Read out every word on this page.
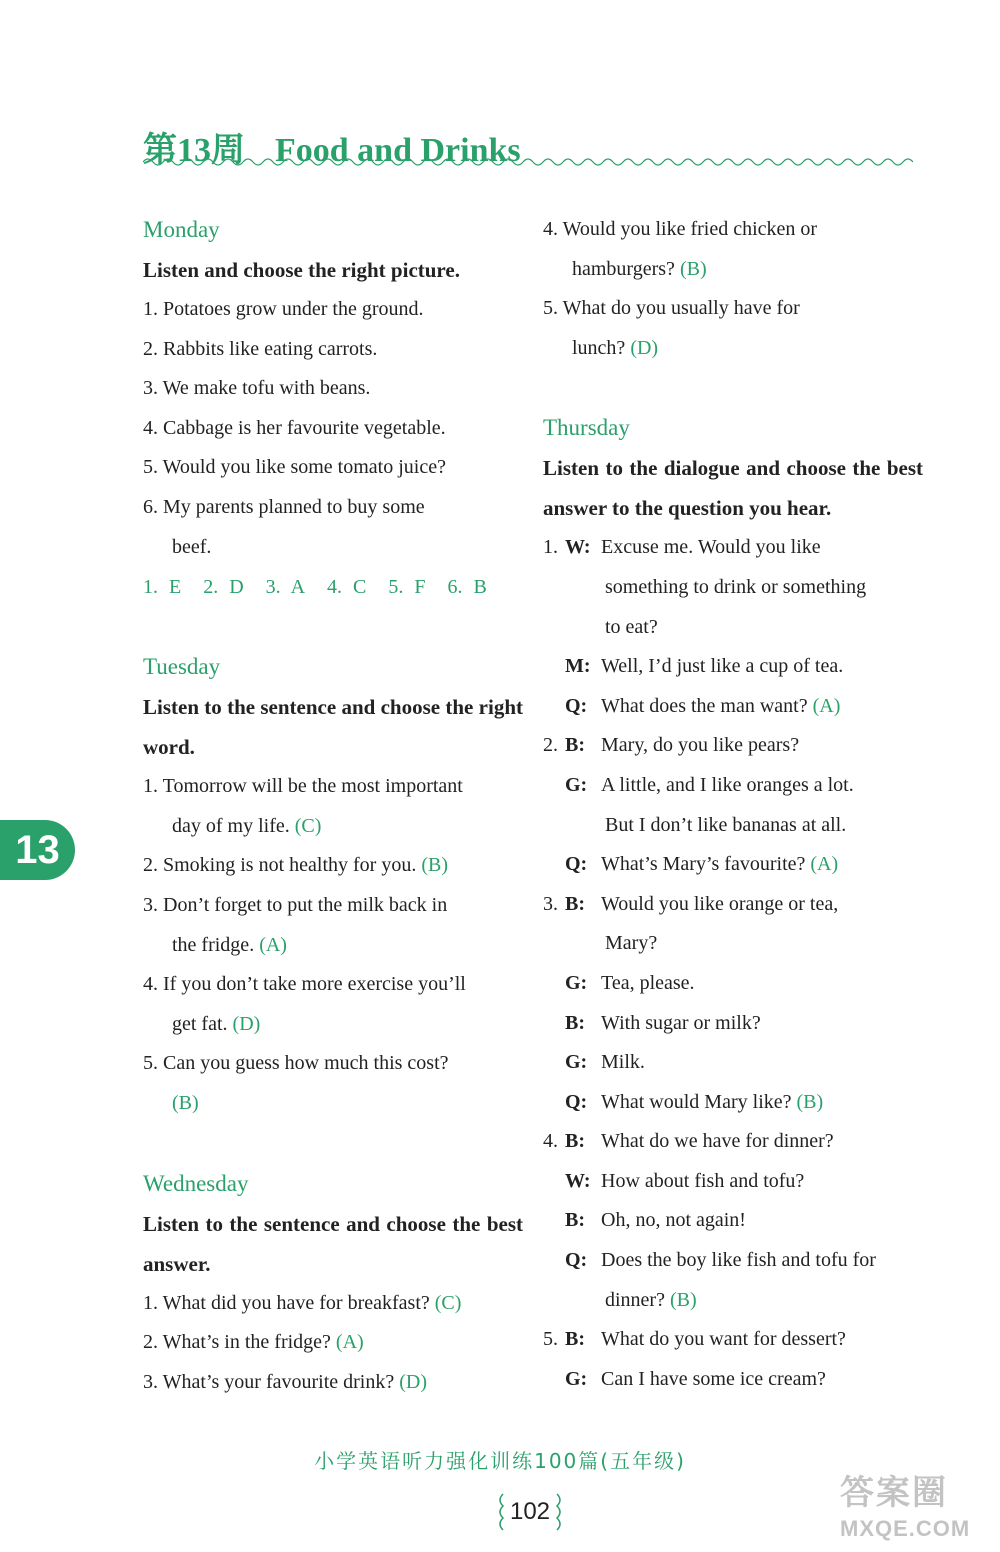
第13周 Food and Drinks
Monday
Listen and choose the right picture.
1. Potatoes grow under the ground.
2. Rabbits like eating carrots.
3. We make tofu with beans.
4. Cabbage is her favourite vegetable.
5. Would you like some tomato juice?
6. My parents planned to buy some
beef.
1. E 2. D 3. A 4. C 5. F 6. B
Tuesday
Listen to the sentence and choose the right word.
1. Tomorrow will be the most important
day of my life. (C)
2. Smoking is not healthy for you. (B)
3. Don’t forget to put the milk back in
the fridge. (A)
4. If you don’t take more exercise you’ll
get fat. (D)
5. Can you guess how much this cost?
(B)
Wednesday
Listen to the sentence and choose the best answer.
1. What did you have for breakfast? (C)
2. What’s in the fridge? (A)
3. What’s your favourite drink? (D)
4. Would you like fried chicken or
hamburgers? (B)
5. What do you usually have for
lunch? (D)
Thursday
Listen to the dialogue and choose the best answer to the question you hear.
1. W: Excuse me. Would you like
something to drink or something
to eat?
M: Well, I’d just like a cup of tea.
Q: What does the man want?
(A)
2. B: Mary, do you like pears?
G: A little, and I like oranges a lot.
But I don’t like bananas at all.
Q: What’s Mary’s favourite?
(A)
3. B: Would you like orange or tea,
Mary?
G: Tea, please.
B: With sugar or milk?
G: Milk.
Q: What would Mary like?
(B)
4. B: What do we have for dinner?
W: How about fish and tofu?
B: Oh, no, not again!
Q: Does the boy like fish and tofu for
dinner?
(B)
5. B: What do you want for dessert?
G: Can I have some ice cream?
13
小学英语听力强化训练100篇(五年级)
102	答案圈
MXQE.COM
